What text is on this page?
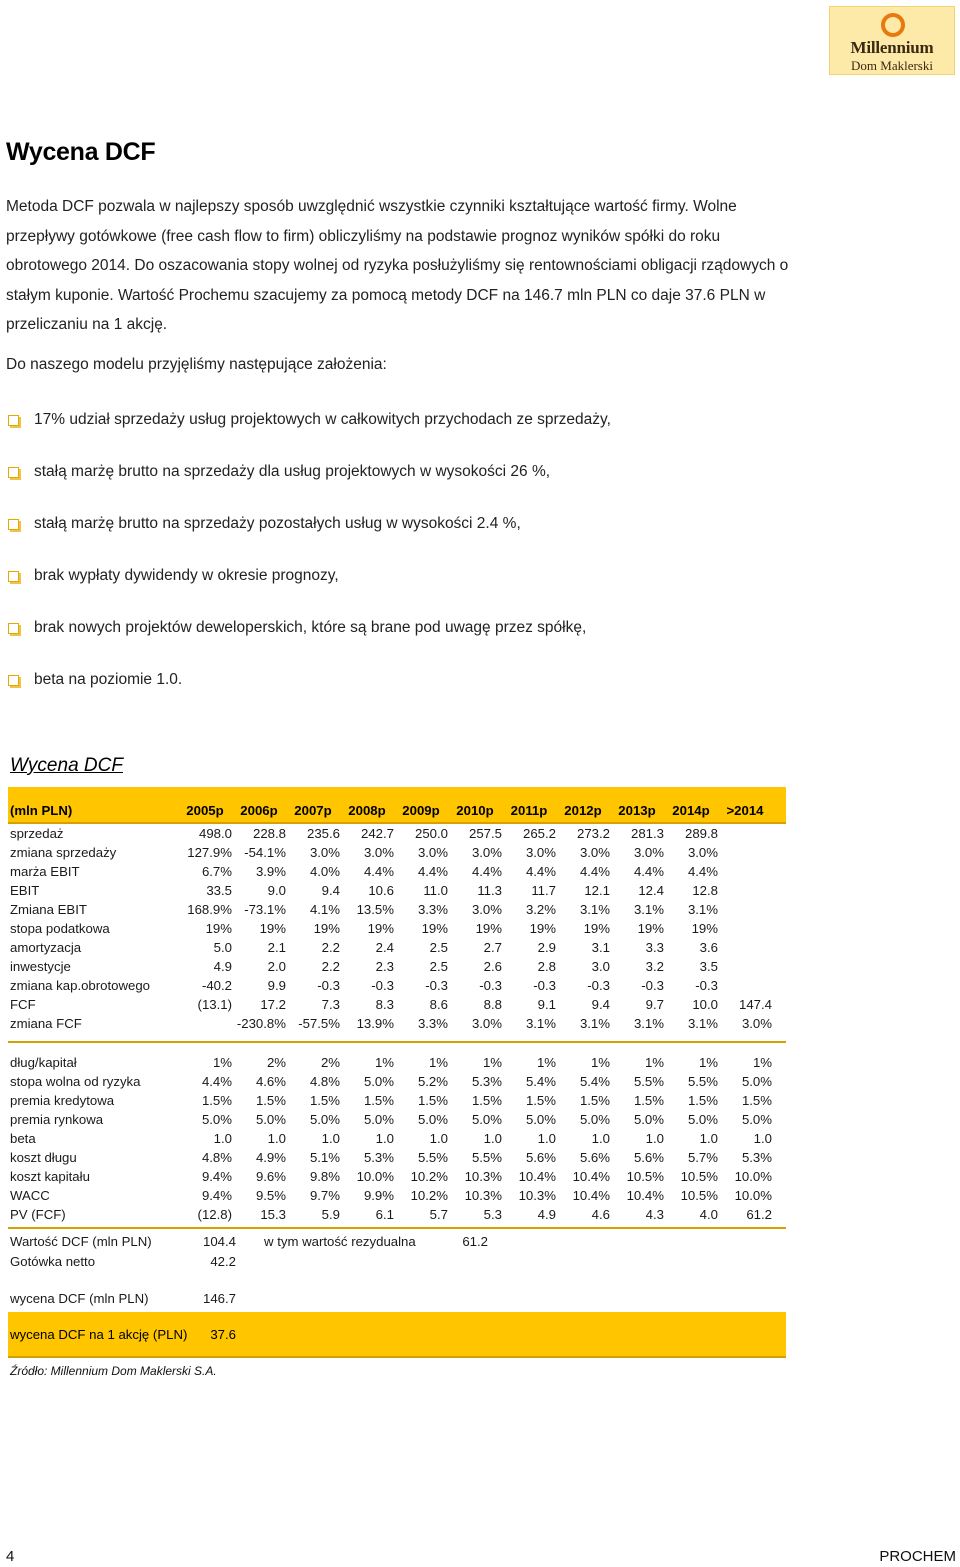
Millennium
Dom Maklerski
Wycena DCF

Metoda DCF pozwala w najlepszy sposób uwzględnić wszystkie czynniki kształtujące wartość firmy. Wolne przepływy gotówkowe (free cash flow to firm) obliczyliśmy na podstawie prognoz wyników spółki do roku obrotowego 2014. Do oszacowania stopy wolnej od ryzyka posłużyliśmy się rentownościami obligacji rządowych o stałym kuponie. Wartość Prochemu szacujemy za pomocą metody DCF na 146.7 mln PLN co daje 37.6 PLN w przeliczaniu na 1 akcję.

Do naszego modelu przyjęliśmy następujące założenia:

17% udział sprzedaży usług projektowych w całkowitych przychodach ze sprzedaży,
stałą marżę brutto na sprzedaży dla usług projektowych w wysokości 26 %,
stałą marżę brutto na sprzedaży pozostałych usług w wysokości 2.4 %,
brak wypłaty dywidendy w okresie prognozy,
brak nowych projektów deweloperskich, które są brane pod uwagę przez spółkę,
beta na poziomie 1.0.
Wycena DCF
(mln PLN)	2005p	2006p	2007p	2008p	2009p	2010p	2011p	2012p	2013p	2014p	>2014
sprzedaż	498.0	228.8	235.6	242.7	250.0	257.5	265.2	273.2	281.3	289.8
zmiana sprzedaży	127.9% -54.1%	3.0%	3.0%	3.0%	3.0%	3.0%	3.0%	3.0%	3.0%
marża EBIT	6.7%	3.9%	4.0%	4.4%	4.4%	4.4%	4.4%	4.4%	4.4%	4.4%
EBIT	33.5	9.0	9.4	10.6	11.0	11.3	11.7	12.1	12.4	12.8
Zmiana EBIT	168.9% -73.1%	4.1%	13.5%	3.3%	3.0%	3.2%	3.1%	3.1%	3.1%
stopa podatkowa	19%	19%	19%	19%	19%	19%	19%	19%	19%	19%
amortyzacja	5.0	2.1	2.2	2.4	2.5	2.7	2.9	3.1	3.3	3.6
inwestycje	4.9	2.0	2.2	2.3	2.5	2.6	2.8	3.0	3.2	3.5
zmiana kap.obrotowego	-40.2	9.9	-0.3	-0.3	-0.3	-0.3	-0.3	-0.3	-0.3	-0.3
FCF	(13.1)	17.2	7.3	8.3	8.6	8.8	9.1	9.4	9.7	10.0	147.4
zmiana FCF	-230.8% -57.5%	13.9%	3.3%	3.0%	3.1%	3.1%	3.1%	3.1%	3.0%
dług/kapitał	1%	2%	2%	1%	1%	1%	1%	1%	1%	1%	1%
stopa wolna od ryzyka	4.4%	4.6%	4.8%	5.0%	5.2%	5.3%	5.4%	5.4%	5.5%	5.5%	5.0%
premia kredytowa	1.5%	1.5%	1.5%	1.5%	1.5%	1.5%	1.5%	1.5%	1.5%	1.5%	1.5%
premia rynkowa	5.0%	5.0%	5.0%	5.0%	5.0%	5.0%	5.0%	5.0%	5.0%	5.0%	5.0%
beta	1.0	1.0	1.0	1.0	1.0	1.0	1.0	1.0	1.0	1.0	1.0
koszt długu	4.8%	4.9%	5.1%	5.3%	5.5%	5.5%	5.6%	5.6%	5.6%	5.7%	5.3%
koszt kapitału	9.4%	9.6%	9.8%	10.0%	10.2%	10.3%	10.4%	10.4%	10.5%	10.5%	10.0%
WACC	9.4%	9.5%	9.7%	9.9%	10.2%	10.3%	10.3%	10.4%	10.4%	10.5%	10.0%
PV (FCF)	(12.8)	15.3	5.9	6.1	5.7	5.3	4.9	4.6	4.3	4.0	61.2
Wartość DCF (mln PLN)	104.4 w tym wartość rezydualna	61.2
Gotówka netto	42.2
wycena DCF (mln PLN)	146.7
wycena DCF na 1 akcję (PLN)	37.6
Źródło: Millennium Dom Maklerski S.A.
4	PROCHEM
